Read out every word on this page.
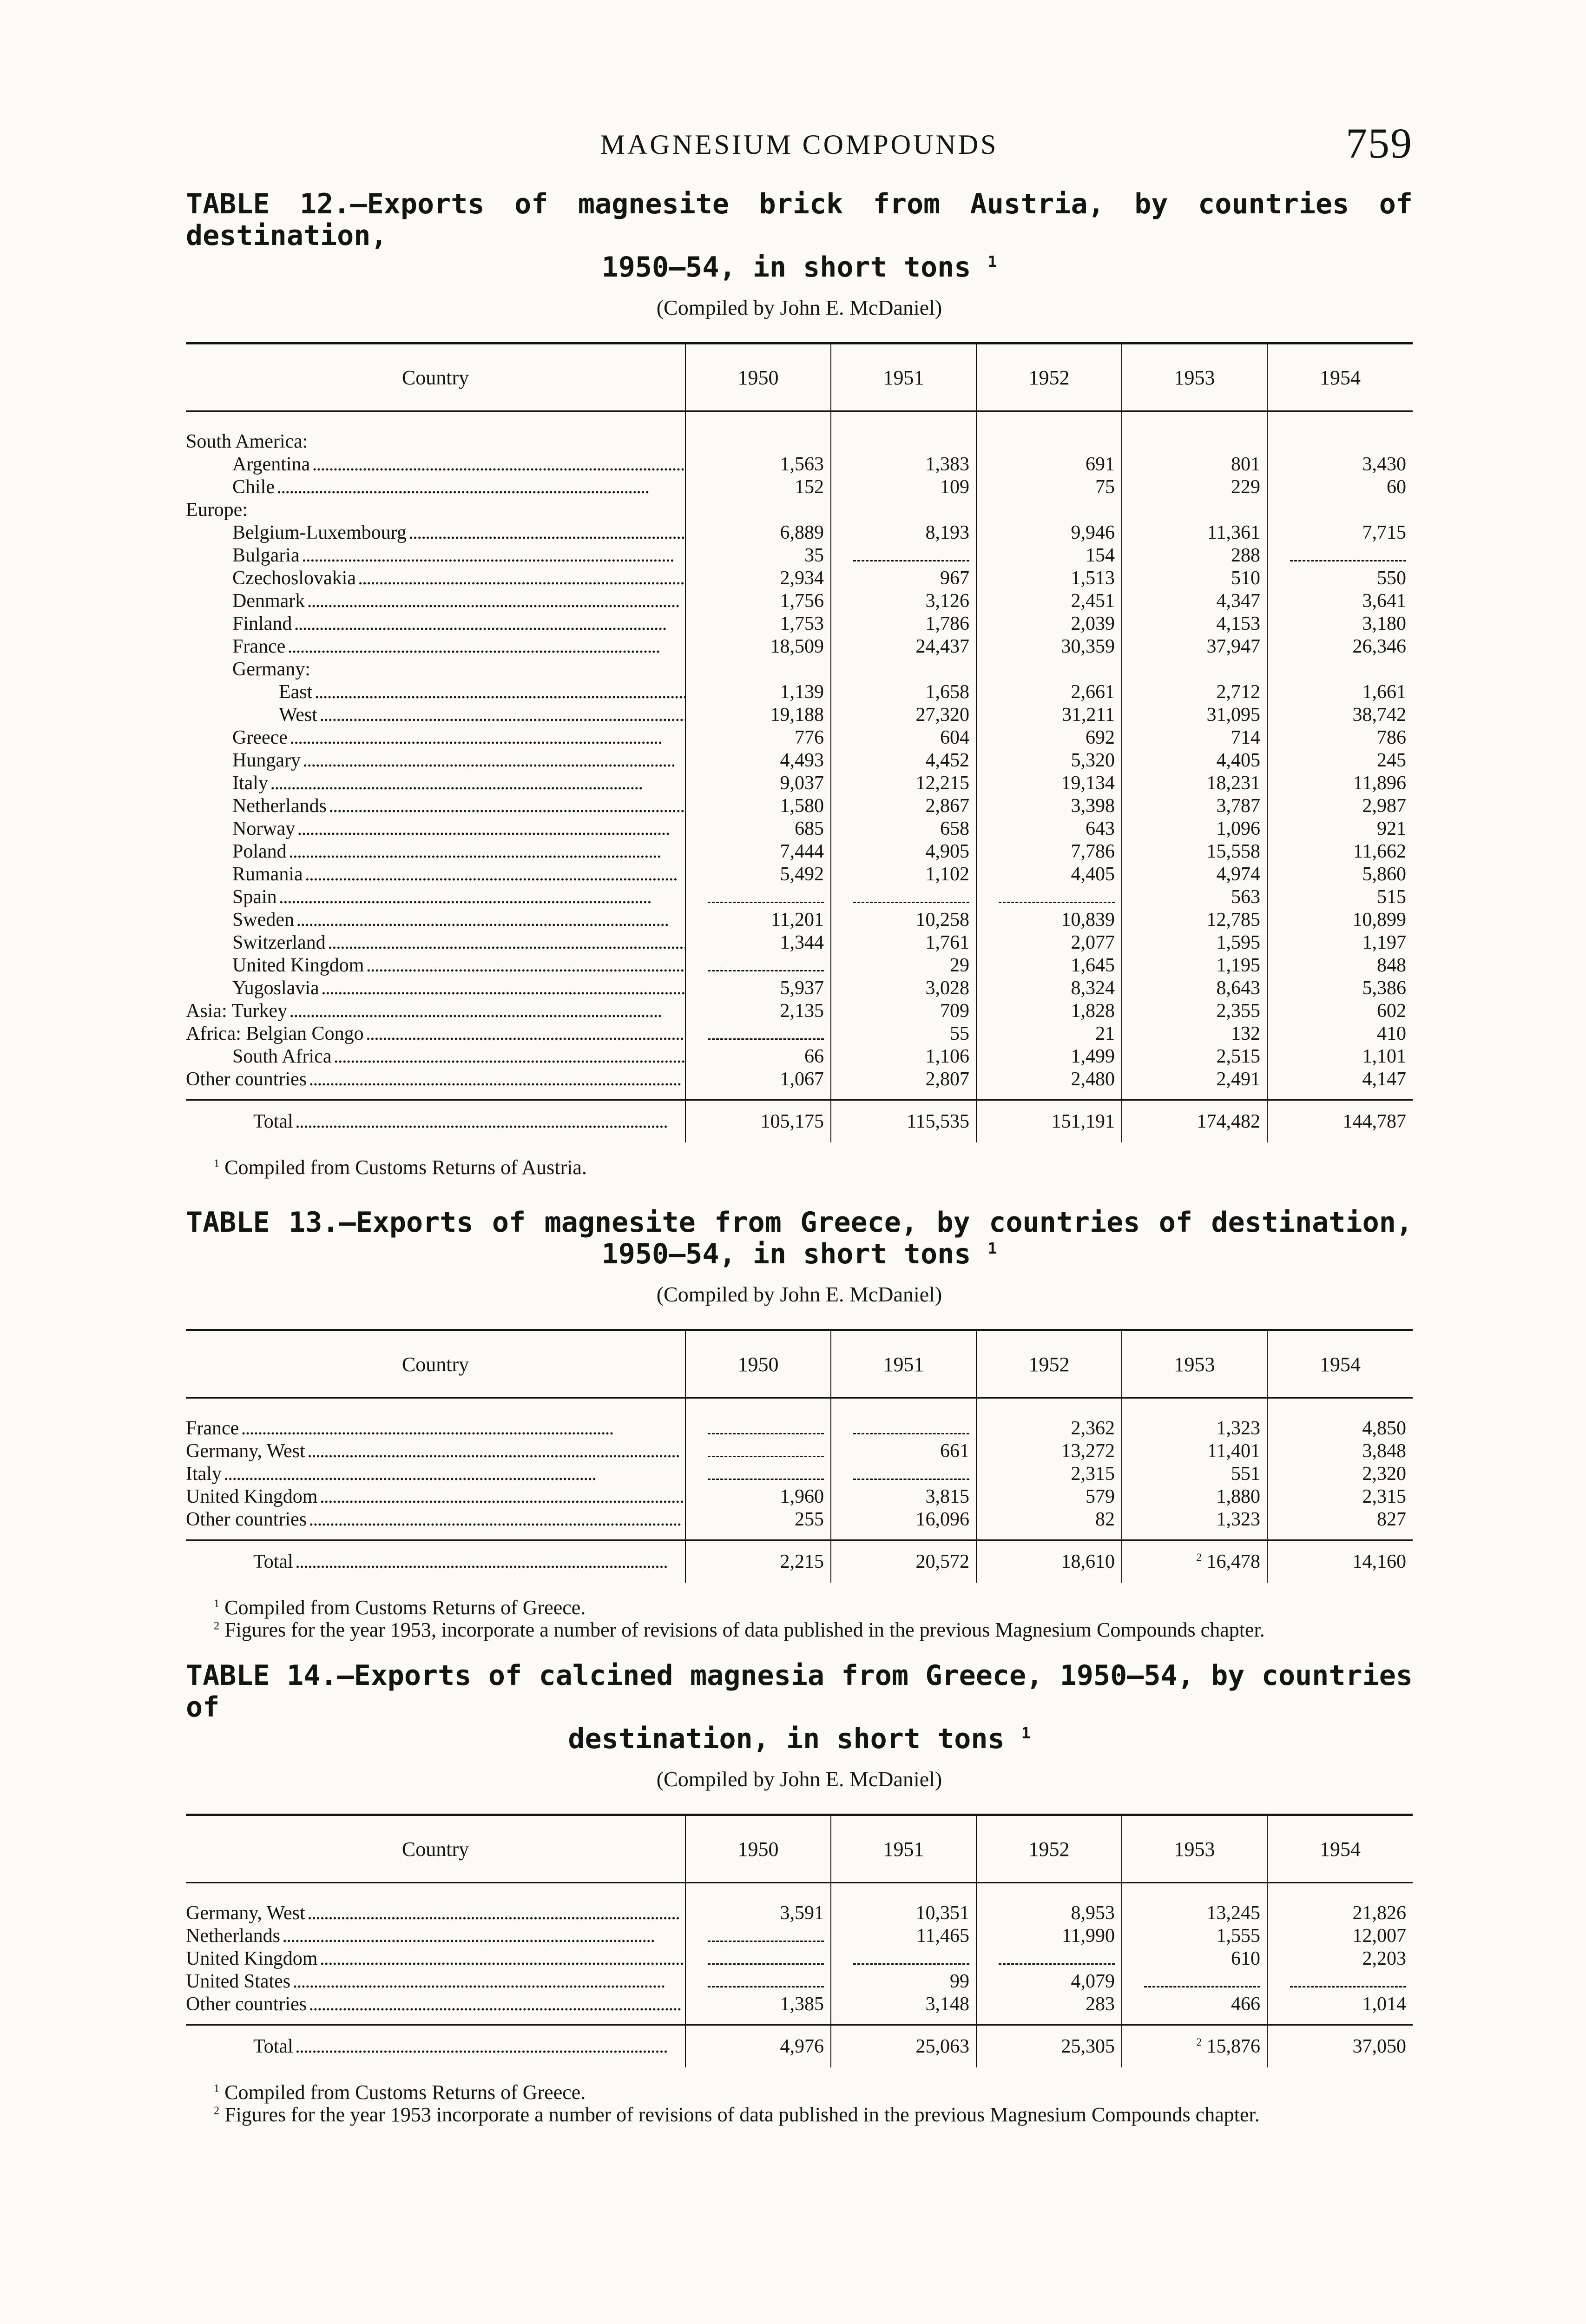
MAGNESIUM COMPOUNDS	759
TABLE 12.—Exports of magnesite brick from Austria, by countries of destination,
1950–54, in short tons $^1$
(Compiled by John E. McDaniel)
Country	1950	1951	1952	1953	1954

South America:					

Argentina . . .	1,563	1,383	691	801	3,430

Chile . . .	152	109	75	229	60

Europe:					

Belgium-Luxembourg . . .	6,889	8,193	9,946	11,361	7,715

Bulgaria . . .	35		154	288	

Czechoslovakia . . .	2,934	967	1,513	510	550

Denmark . . .	1,756	3,126	2,451	4,347	3,641

Finland . . .	1,753	1,786	2,039	4,153	3,180

France . . .	18,509	24,437	30,359	37,947	26,346

Germany:					

East . . .	1,139	1,658	2,661	2,712	1,661

West . . .	19,188	27,320	31,211	31,095	38,742

Greece . . .	776	604	692	714	786

Hungary . . .	4,493	4,452	5,320	4,405	245

Italy . . .	9,037	12,215	19,134	18,231	11,896

Netherlands . . .	1,580	2,867	3,398	3,787	2,987

Norway . . .	685	658	643	1,096	921

Poland . . .	7,444	4,905	7,786	15,558	11,662

Rumania . . .	5,492	1,102	4,405	4,974	5,860

Spain . . .				563	515

Sweden . . .	11,201	10,258	10,839	12,785	10,899

Switzerland . . .	1,344	1,761	2,077	1,595	1,197

United Kingdom . . .		29	1,645	1,195	848

Yugoslavia . . .	5,937	3,028	8,324	8,643	5,386

Asia: Turkey . . .	2,135	709	1,828	2,355	602

Africa: Belgian Congo . . .		55	21	132	410

South Africa . . .	66	1,106	1,499	2,515	1,101

Other countries . . .	1,067	2,807	2,480	2,491	4,147

Total . . .	105,175	115,535	151,191	174,482	144,787

$^1$ Compiled from Customs Returns of Austria.

TABLE 13.—Exports of magnesite from Greece, by countries of destination,
1950–54, in short tons $^1$
(Compiled by John E. McDaniel)
Country	1950	1951	1952	1953	1954

France . . .			2,362	1,323	4,850

Germany, West . . .		661	13,272	11,401	3,848

Italy . . .			2,315	551	2,320

United Kingdom . . .	1,960	3,815	579	1,880	2,315

Other countries . . .	255	16,096	82	1,323	827

Total . . .	2,215	20,572	18,610	$^2$ 16,478	14,160

$^1$ Compiled from Customs Returns of Greece.

$^2$ Figures for the year 1953, incorporate a number of revisions of data published in the previous Magnesium Compounds chapter.

TABLE 14.—Exports of calcined magnesia from Greece, 1950–54, by countries of
destination, in short tons $^1$
(Compiled by John E. McDaniel)
Country	1950	1951	1952	1953	1954

Germany, West . . .	3,591	10,351	8,953	13,245	21,826

Netherlands . . .		11,465	11,990	1,555	12,007

United Kingdom . . .				610	2,203

United States . . .		99	4,079		

Other countries . . .	1,385	3,148	283	466	1,014

Total . . .	4,976	25,063	25,305	$^2$ 15,876	37,050

$^1$ Compiled from Customs Returns of Greece.

$^2$ Figures for the year 1953 incorporate a number of revisions of data published in the previous Magnesium Compounds chapter.
